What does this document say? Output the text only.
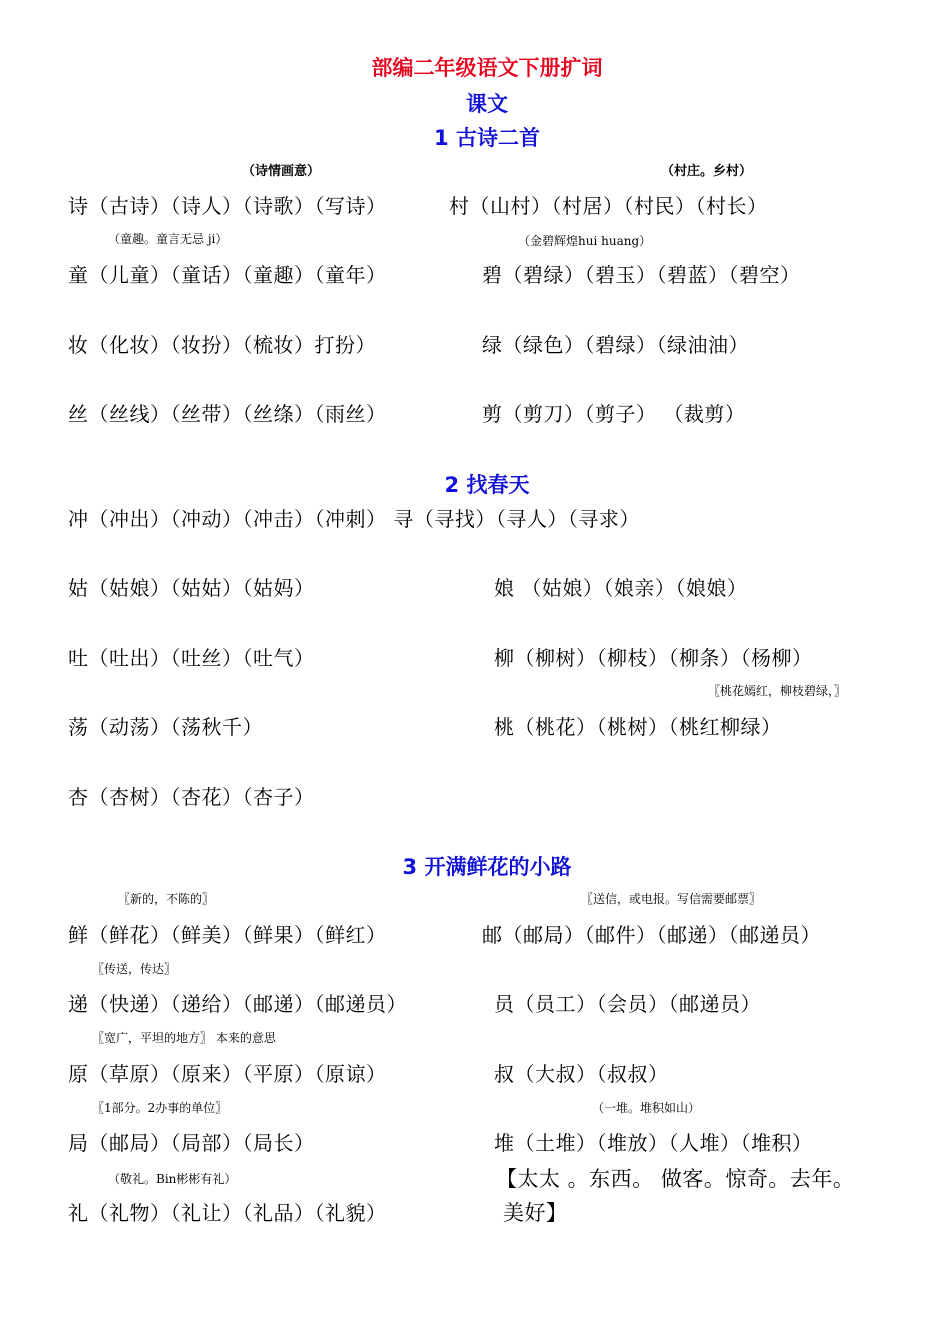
部编二年级语文下册扩词
课文
1 古诗二首
（诗情画意）	（村庄。乡村）
诗（古诗）（诗人）（诗歌）（写诗）	村（山村）（村居）（村民）（村长）
（童趣。童言无忌 ji）	（金碧辉煌hui huang）
童（儿童）（童话）（童趣）（童年）	碧（碧绿）（碧玉）（碧蓝）（碧空）
妆（化妆）（妆扮）（梳妆）打扮）	绿（绿色）（碧绿）（绿油油）
丝（丝线）（丝带）（丝绦）（雨丝）	剪（剪刀）（剪子） （裁剪）
2 找春天
冲（冲出）（冲动）（冲击）（冲刺） 寻（寻找）（寻人）（寻求）
姑（姑娘）（姑姑）（姑妈）	娘 （姑娘）（娘亲）（娘娘）
吐（吐出）（吐丝）（吐气）	柳（柳树）（柳枝）（柳条）（杨柳）
〖桃花嫣红，柳枝碧绿，〗
荡（动荡）（荡秋千）	桃（桃花）（桃树）（桃红柳绿）
杏（杏树）（杏花）（杏子）
3 开满鲜花的小路
〖新的，不陈的〗	〖送信，或电报。写信需要邮票〗
鲜（鲜花）（鲜美）（鲜果）（鲜红）	邮（邮局）（邮件）（邮递）（邮递员）
〖传送，传达〗
递（快递）（递给）（邮递）（邮递员）	员（员工）（会员）（邮递员）
〖宽广，平坦的地方〗 本来的意思
原（草原）（原来）（平原）（原谅）	叔（大叔）（叔叔）
〖1部分。2办事的单位〗	（一堆。堆积如山）
局（邮局）（局部）（局长）	堆（土堆）（堆放）（人堆）（堆积）
（敬礼。Bin彬彬有礼）	【太太 。东西。 做客。惊奇。去年。
礼（礼物）（礼让）（礼品）（礼貌）	美好】
